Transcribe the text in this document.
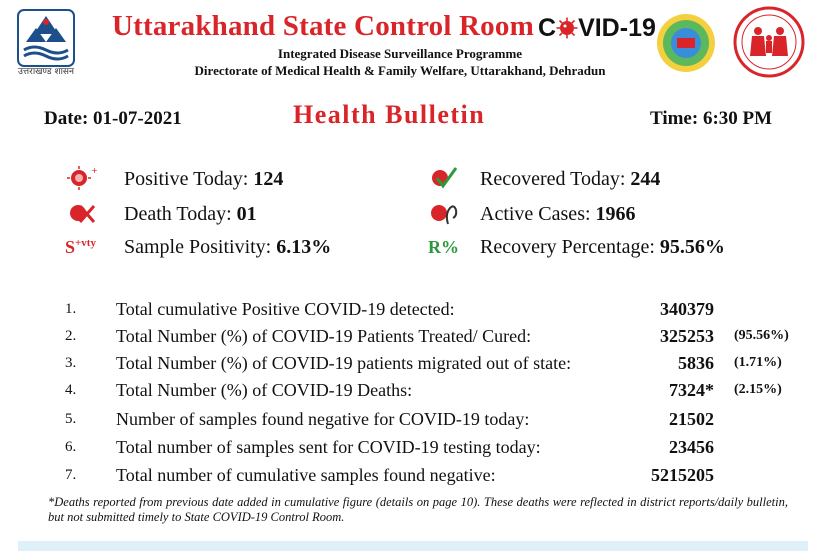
उत्तराखण्ड शासन
Uttarakhand State Control Room C VID-19
Integrated Disease Surveillance Programme
Directorate of Medical Health & Family Welfare, Uttarakhand, Dehradun
Date: 01-07-2021	Health Bulletin	Time: 6:30 PM
+ Positive Today: 124	Recovered Today: 244
Death Today: 01	Active Cases: 1966
$S^{+vty}$ Sample Positivity: 6.13%	R% Recovery Percentage: 95.56%
1. Total cumulative Positive COVID-19 detected:	340379
2. Total Number (%) of COVID-19 Patients Treated/ Cured:	325253 (95.56%)
3. Total Number (%) of COVID-19 patients migrated out of state:	5836 (1.71%)
4. Total Number (%) of COVID-19 Deaths:	7324* (2.15%)
5. Number of samples found negative for COVID-19 today:	21502
6. Total number of samples sent for COVID-19 testing today:	23456
7. Total number of cumulative samples found negative:	5215205
*Deaths reported from previous date added in cumulative figure (details on page 10). These deaths were reflected in district reports/daily bulletin, but not submitted timely to State COVID-19 Control Room.
